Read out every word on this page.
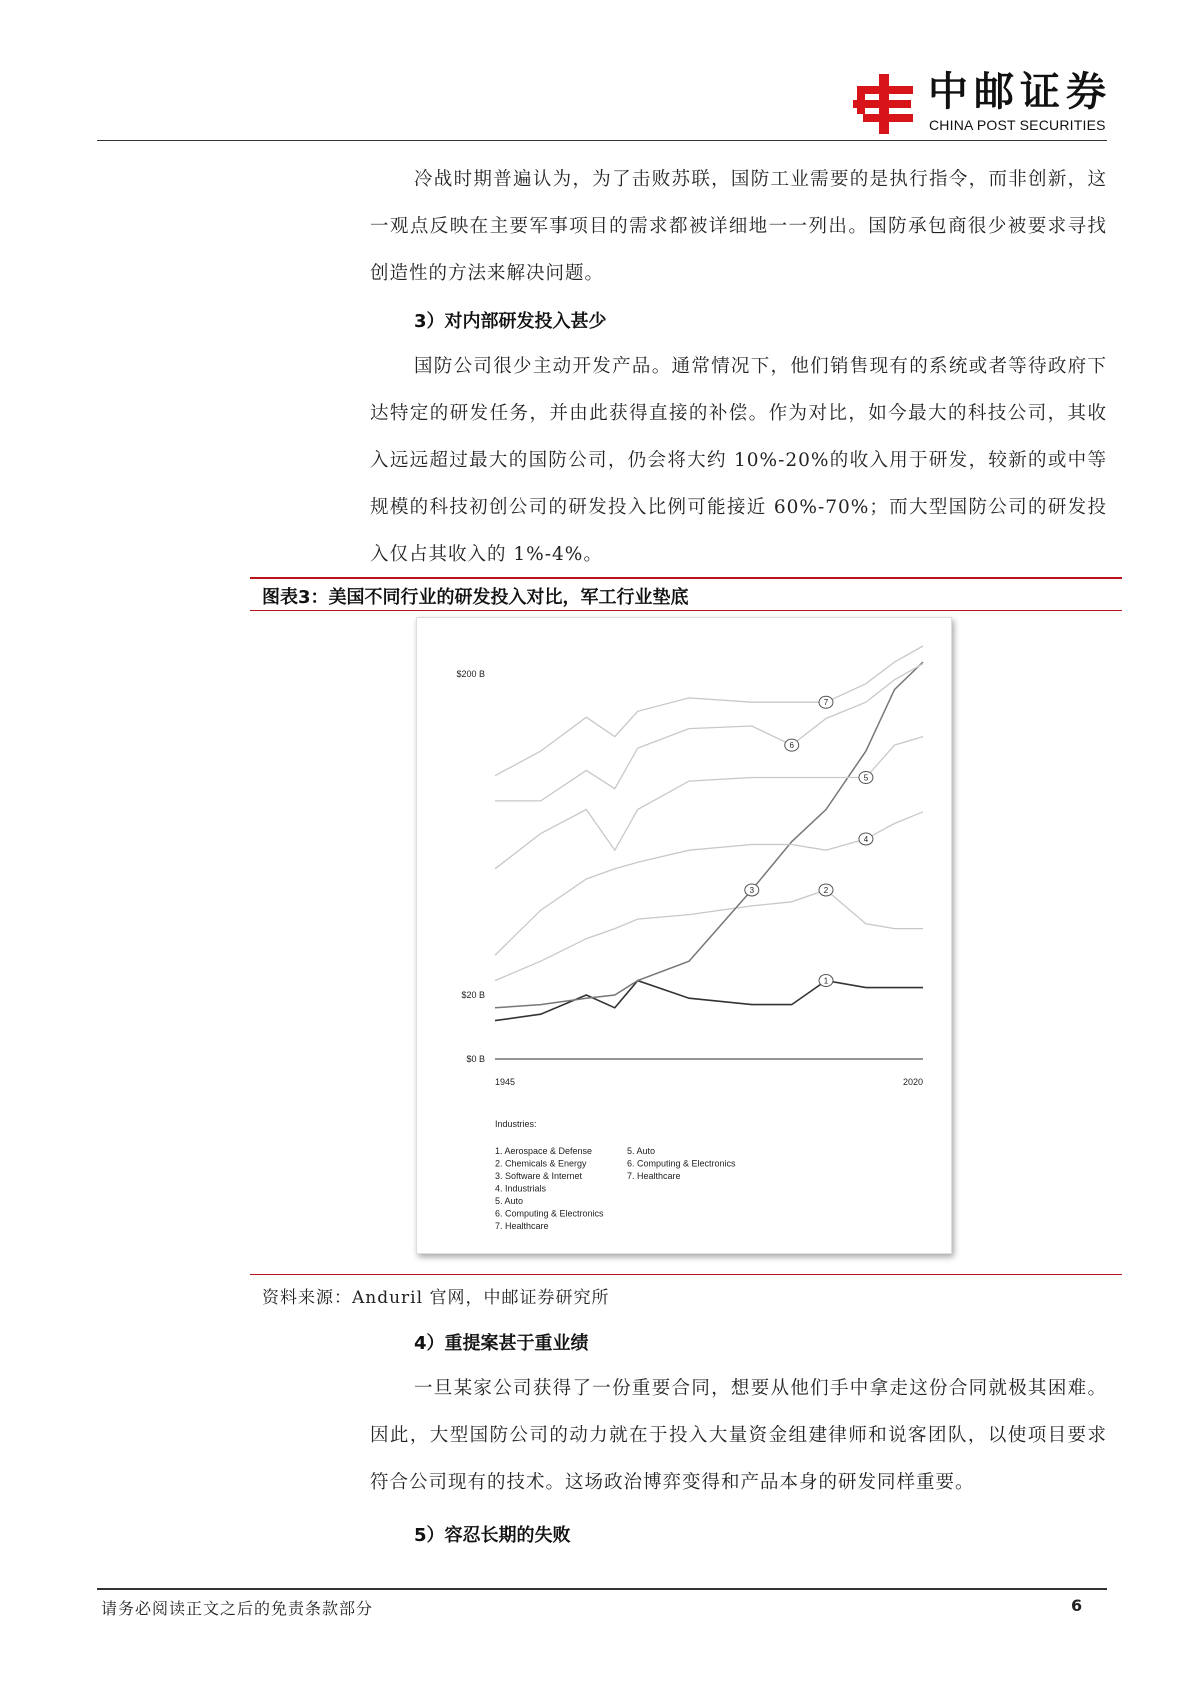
中邮证券
CHINA POST SECURITIES
冷战时期普遍认为，为了击败苏联，国防工业需要的是执行指令，而非创新，这一观点反映在主要军事项目的需求都被详细地一一列出。国防承包商很少被要求寻找创造性的方法来解决问题。
3）对内部研发投入甚少
国防公司很少主动开发产品。通常情况下，他们销售现有的系统或者等待政府下达特定的研发任务，并由此获得直接的补偿。作为对比，如今最大的科技公司，其收入远远超过最大的国防公司，仍会将大约 10%-20%的收入用于研发，较新的或中等规模的科技初创公司的研发投入比例可能接近 60%-70%；而大型国防公司的研发投入仅占其收入的 1%-4%。
图表3：美国不同行业的研发投入对比，军工行业垫底
1
2
3
4
5
6
7
$200 B
$20 B
$0 B
1945	2020
Industries:
1. Aerospace & Defense
2. Chemicals & Energy
3. Software & Internet
4. Industrials
5. Auto
6. Computing & Electronics
7. Healthcare
5. Auto
6. Computing & Electronics
7. Healthcare
资料来源：Anduril 官网，中邮证券研究所
4）重提案甚于重业绩
一旦某家公司获得了一份重要合同，想要从他们手中拿走这份合同就极其困难。因此，大型国防公司的动力就在于投入大量资金组建律师和说客团队，以使项目要求符合公司现有的技术。这场政治博弈变得和产品本身的研发同样重要。
5）容忍长期的失败
请务必阅读正文之后的免责条款部分	6
